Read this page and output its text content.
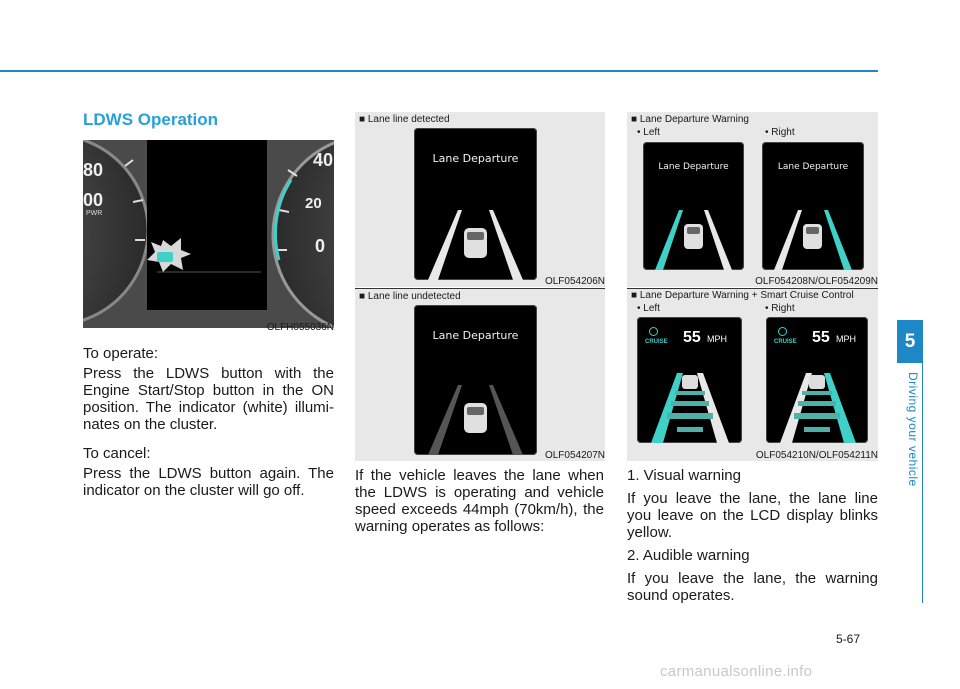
LDWS Operation
80
00
PWR
40
20
0
OLFH055036N

To operate:

Press the LDWS button with the Engine Start/Stop button in the ON position. The indicator (white) illumi-nates on the cluster.

To cancel:

Press the LDWS button again. The indicator on the cluster will go off.

■ Lane line detected
Lane Departure
OLF054206N
■ Lane line undetected
Lane Departure
OLF054207N
If the vehicle leaves the lane when the LDWS is operating and vehicle speed exceeds 44mph (70km/h), the warning operates as follows:
■ Lane Departure Warning
• Left	• Right
Lane Departure	Lane Departure
OLF054208N/OLF054209N
■ Lane Departure Warning + Smart Cruise Control
• Left	• Right
CRUISE 55 MPH	CRUISE 55 MPH
OLF054210N/OLF054211N

1. Visual warning

If you leave the lane, the lane line you leave on the LCD display blinks yellow.

2. Audible warning

If you leave the lane, the warning sound operates.

5
Driving your vehicle
5-67
carmanualsonline.info
